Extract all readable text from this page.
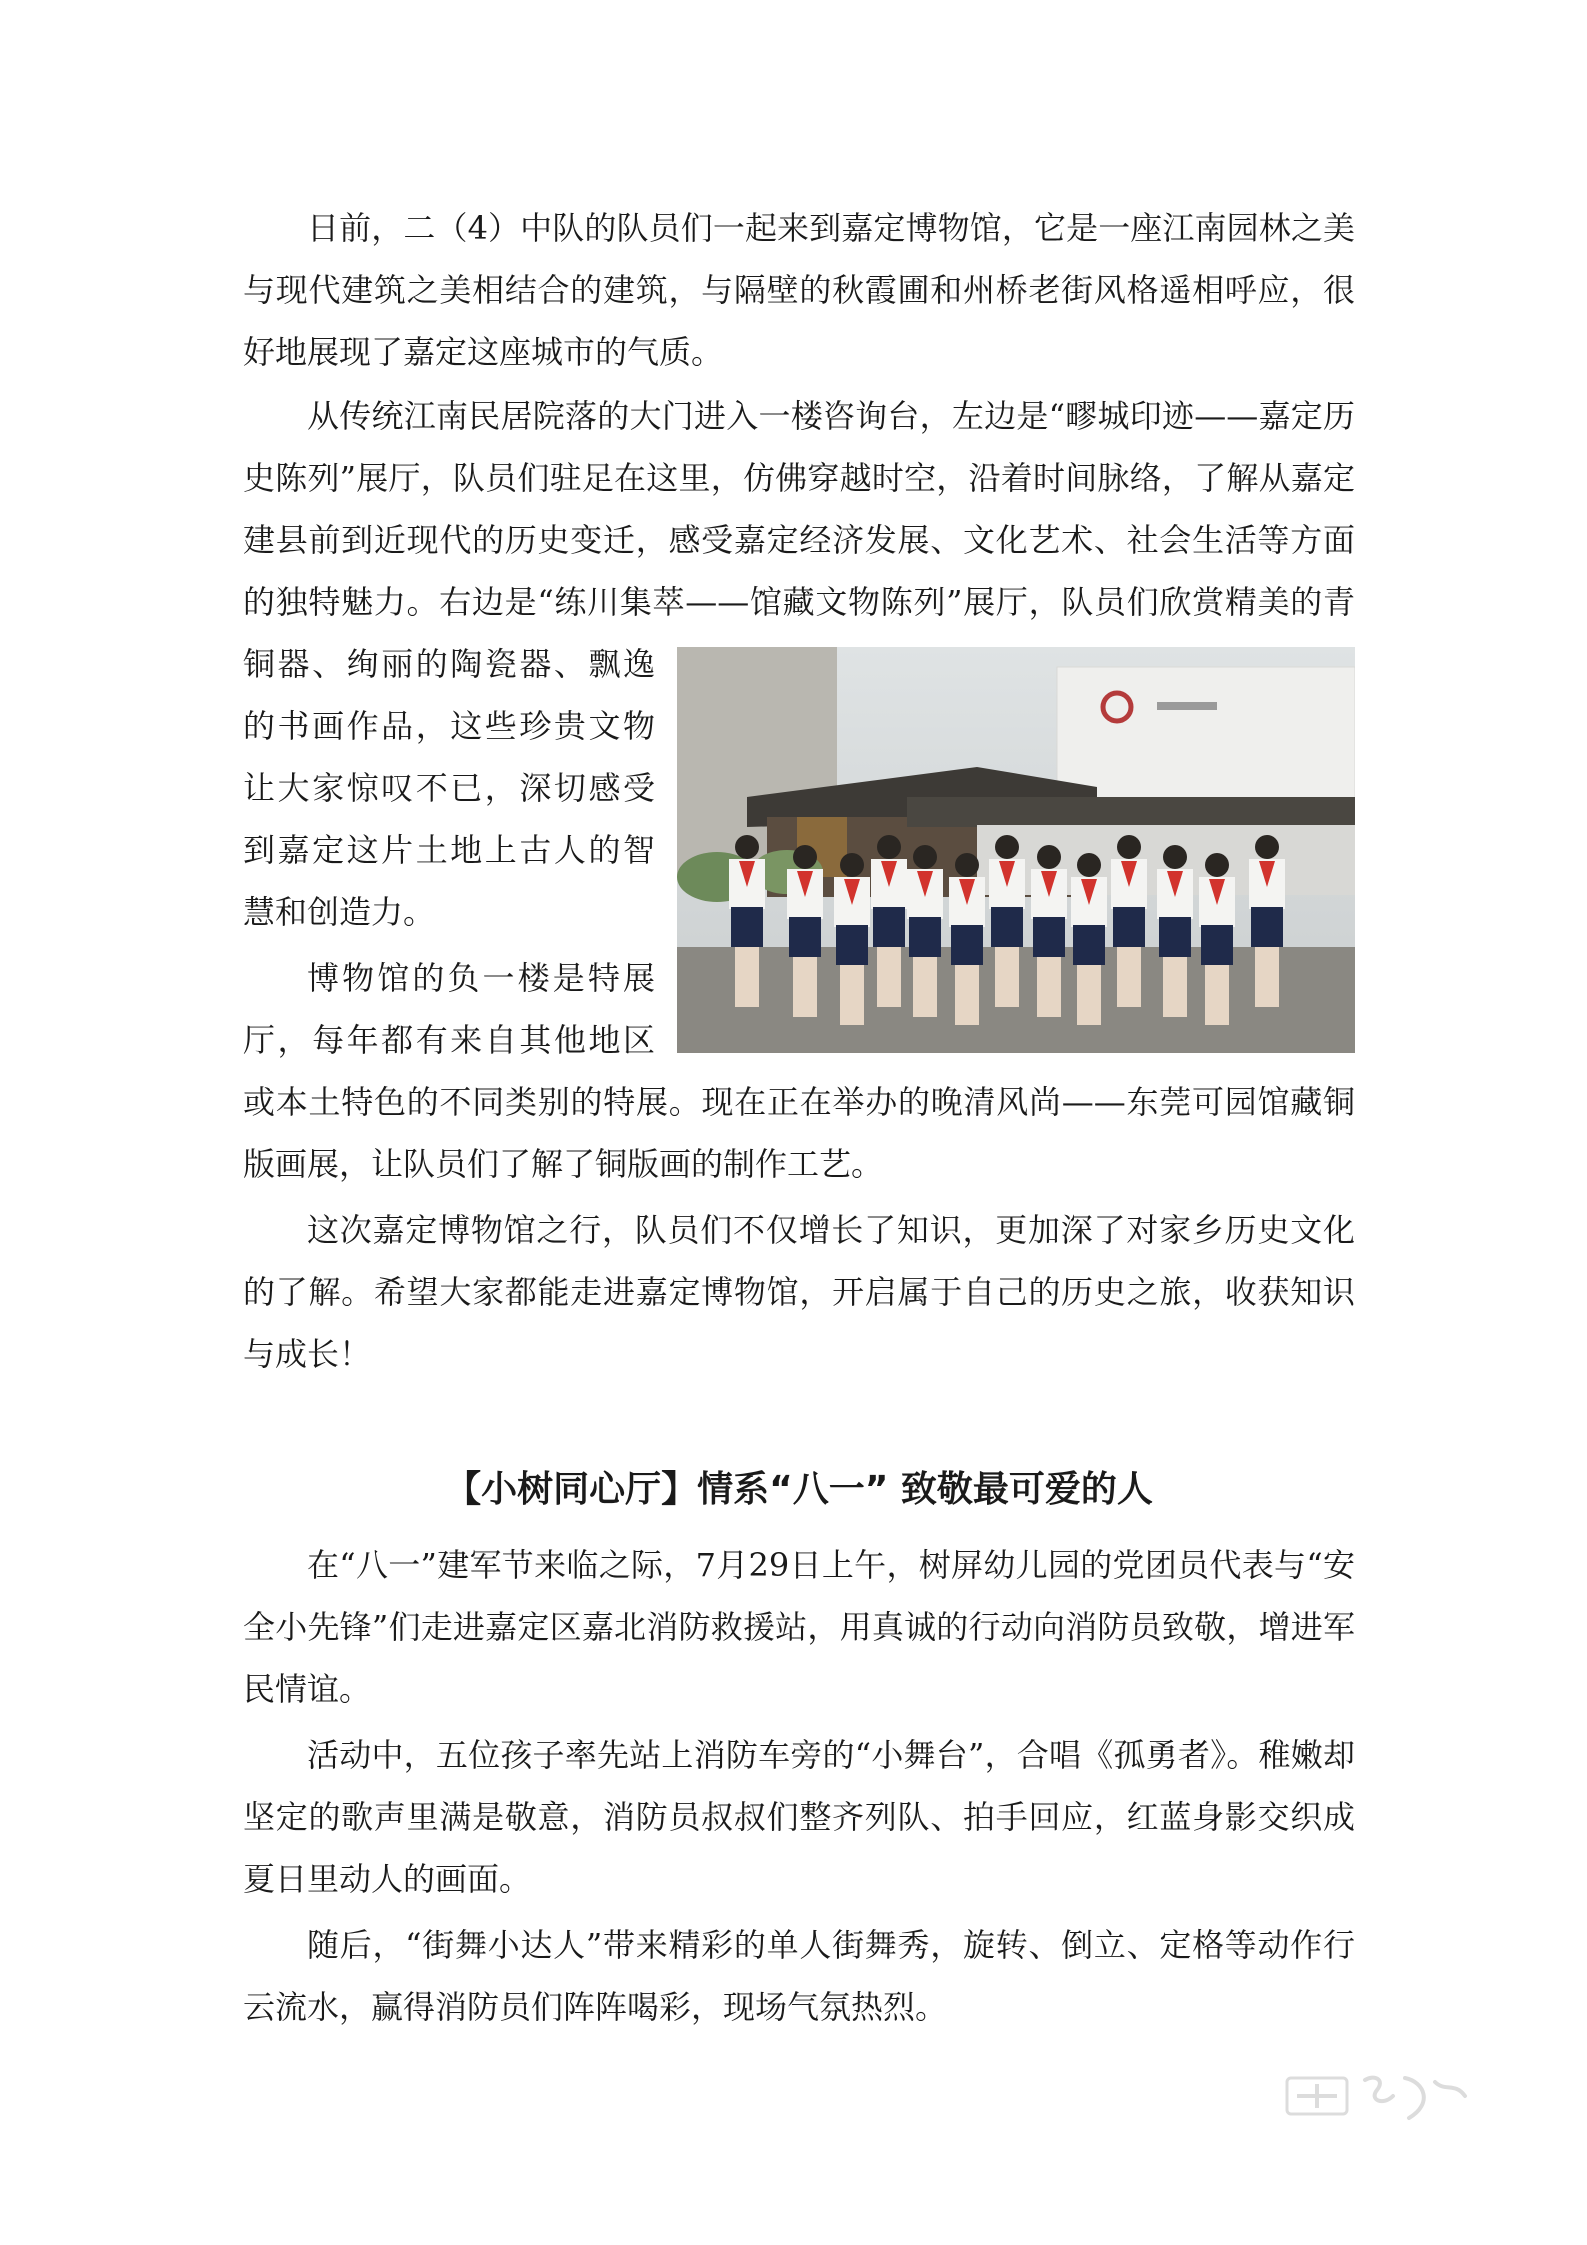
日前，二（4）中队的队员们一起来到嘉定博物馆，它是一座江南园林之美与现代建筑之美相结合的建筑，与隔壁的秋霞圃和州桥老街风格遥相呼应，很好地展现了嘉定这座城市的气质。

从传统江南民居院落的大门进入一楼咨询台，左边是“疁城印迹——嘉定历史陈列”展厅，队员们驻足在这里，仿佛穿越时空，沿着时间脉络，了解从嘉定建县前到近现代的历史变迁，感受嘉定经济发展、文化艺术、社会生活等方面的独特魅力。右边是“练川集萃——馆藏文物陈列”展厅，队员们欣赏精美的青铜器、绚丽的陶瓷器、飘逸的书画作品，这些珍贵文物让大家惊叹不已，深切感受到嘉定这片土地上古人的智慧和创造力。

博物馆的负一楼是特展厅，每年都有来自其他地区或本土特色的不同类别的特展。现在正在举办的晚清风尚——东莞可园馆藏铜版画展，让队员们了解了铜版画的制作工艺。

这次嘉定博物馆之行，队员们不仅增长了知识，更加深了对家乡历史文化的了解。希望大家都能走进嘉定博物馆，开启属于自己的历史之旅，收获知识与成长！

【小树同心厅】情系“八一” 致敬最可爱的人

在“八一”建军节来临之际，7月29日上午，树屏幼儿园的党团员代表与“安全小先锋”们走进嘉定区嘉北消防救援站，用真诚的行动向消防员致敬，增进军民情谊。

活动中，五位孩子率先站上消防车旁的“小舞台”，合唱《孤勇者》。稚嫩却坚定的歌声里满是敬意，消防员叔叔们整齐列队、拍手回应，红蓝身影交织成夏日里动人的画面。

随后，“街舞小达人”带来精彩的单人街舞秀，旋转、倒立、定格等动作行云流水，赢得消防员们阵阵喝彩，现场气氛热烈。
